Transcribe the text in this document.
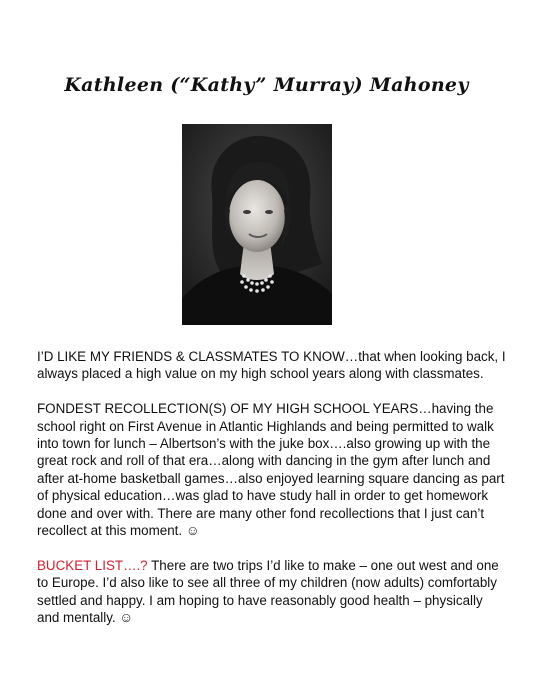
Kathleen (“Kathy” Murray) Mahoney

I’D LIKE MY FRIENDS & CLASSMATES TO KNOW…that when looking back, I always placed a high value on my high school years along with classmates.

FONDEST RECOLLECTION(S) OF MY HIGH SCHOOL YEARS…having the school right on First Avenue in Atlantic Highlands and being permitted to walk into town for lunch – Albertson’s with the juke box….also growing up with the great rock and roll of that era…along with dancing in the gym after lunch and after at-home basketball games…also enjoyed learning square dancing as part of physical education…was glad to have study hall in order to get homework done and over with. There are many other fond recollections that I just can’t recollect at this moment. ☺

BUCKET LIST….? There are two trips I’d like to make – one out west and one to Europe. I’d also like to see all three of my children (now adults) comfortably settled and happy. I am hoping to have reasonably good health – physically and mentally. ☺
